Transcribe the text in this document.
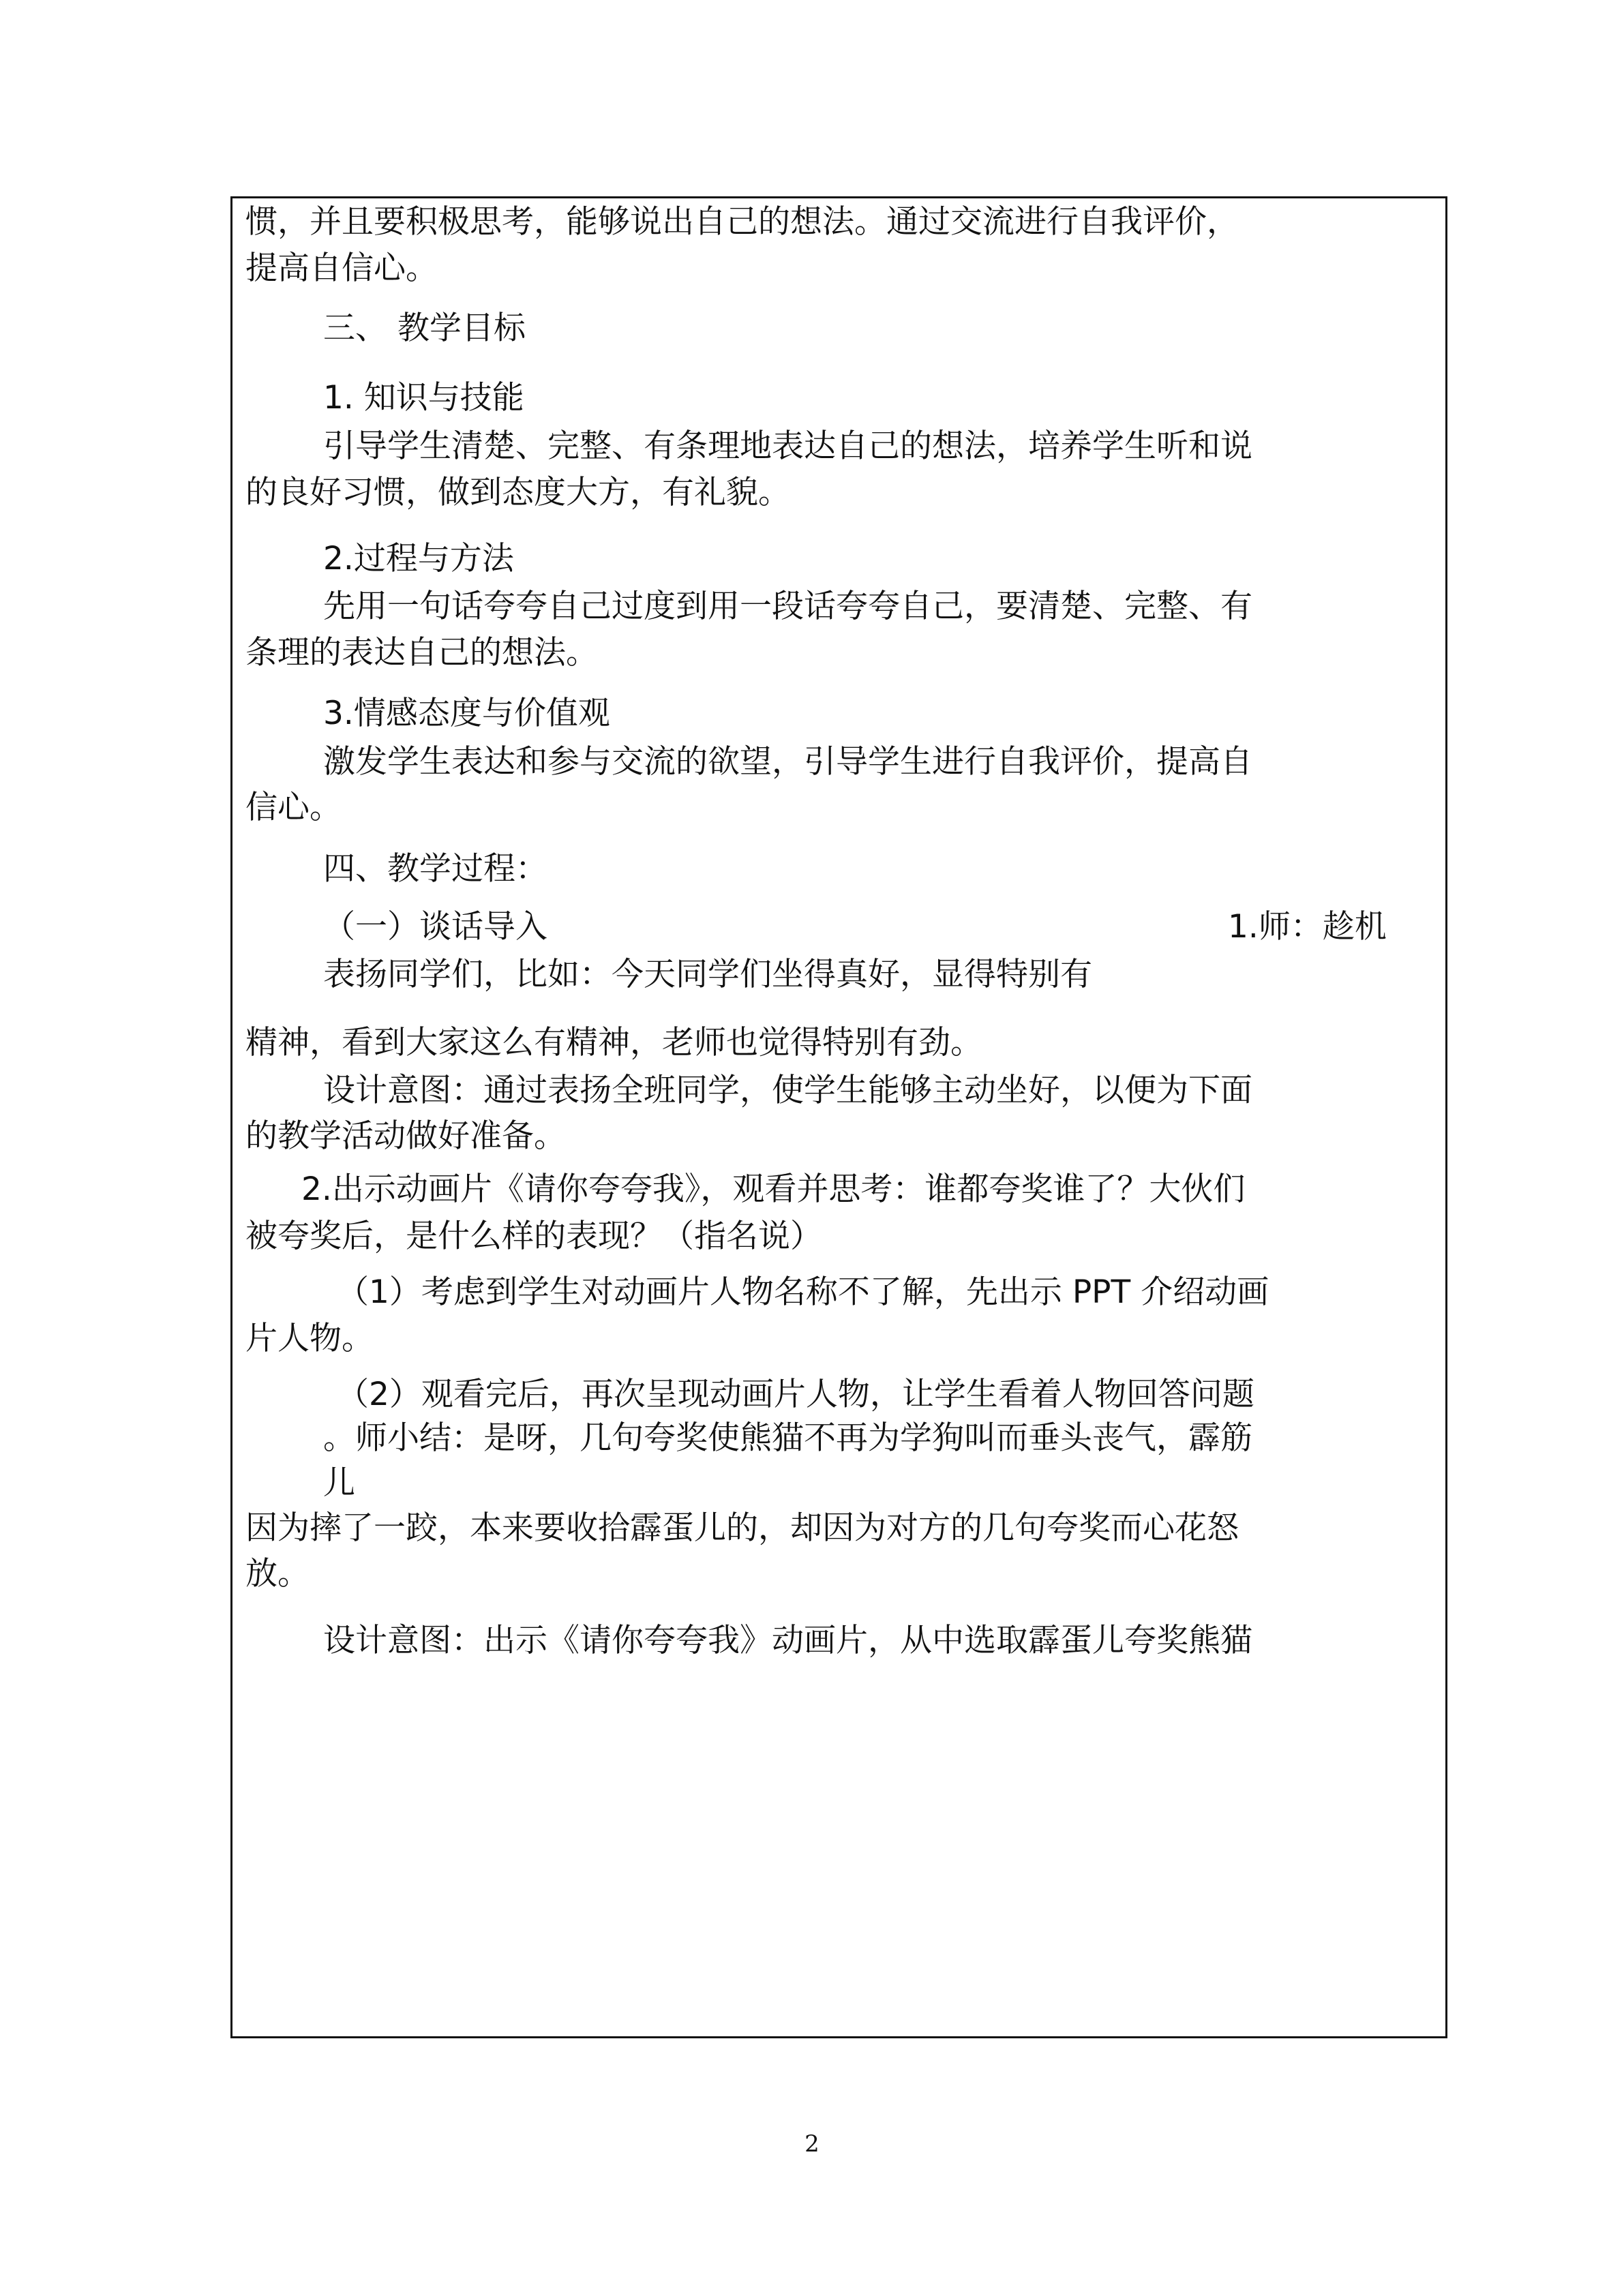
惯，并且要积极思考，能够说出自己的想法。通过交流进行自我评价，
提高自信心。
三、 教学目标
1. 知识与技能
引导学生清楚、完整、有条理地表达自己的想法，培养学生听和说
的良好习惯，做到态度大方，有礼貌。
2.过程与方法
先用一句话夸夸自己过度到用一段话夸夸自己，要清楚、完整、有
条理的表达自己的想法。
3.情感态度与价值观
激发学生表达和参与交流的欲望，引导学生进行自我评价，提高自
信心。
四、教学过程：
（一）谈话导入	1.师：趁机
表扬同学们，比如：今天同学们坐得真好，显得特别有
精神，看到大家这么有精神，老师也觉得特别有劲。
设计意图：通过表扬全班同学，使学生能够主动坐好，以便为下面
的教学活动做好准备。
2.出示动画片《请你夸夸我》，观看并思考：谁都夸奖谁了？大伙们
被夸奖后，是什么样的表现？（指名说）
（1）考虑到学生对动画片人物名称不了解，先出示 PPT 介绍动画
片人物。
（2）观看完后，再次呈现动画片人物，让学生看着人物回答问题
。师小结：是呀，几句夸奖使熊猫不再为学狗叫而垂头丧气，霹筋
儿
因为摔了一跤，本来要收拾霹蛋儿的，却因为对方的几句夸奖而心花怒
放。
设计意图：出示《请你夸夸我》动画片，从中选取霹蛋儿夸奖熊猫
2
